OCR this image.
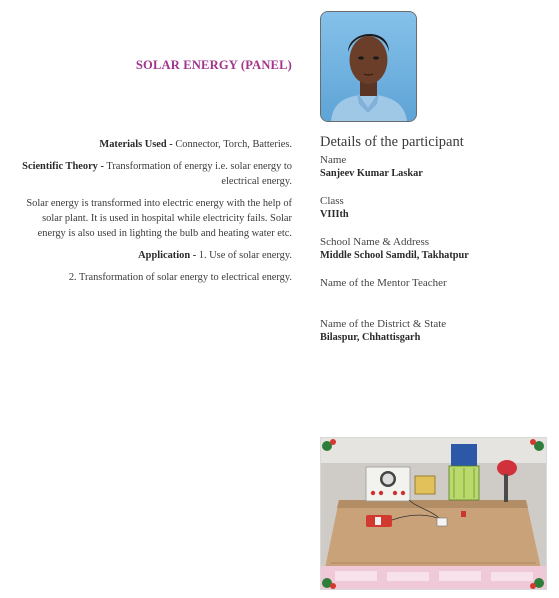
SOLAR ENERGY (PANEL)

Materials Used - Connector, Torch, Batteries.

Scientific Theory - Transformation of energy i.e. solar energy to electrical energy.

Solar energy is transformed into electric energy with the help of solar plant. It is used in hospital while electricity fails. Solar energy is also used in lighting the bulb and heating water etc.

Application - 1. Use of solar energy.

2. Transformation of solar energy to electrical energy.

Details of the participant
Name
Sanjeev Kumar Laskar
Class
VIIIth
School Name & Address
Middle School Samdil, Takhatpur
Name of the Mentor Teacher
Name of the District & State
Bilaspur, Chhattisgarh
